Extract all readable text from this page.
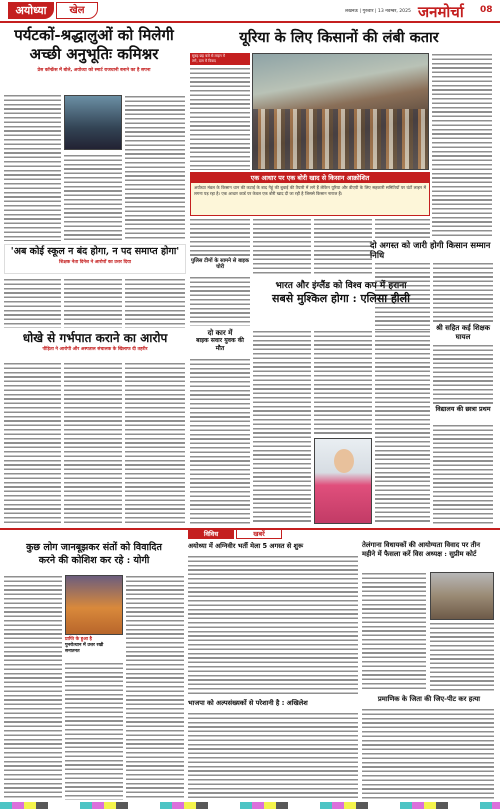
अयोध्या	खेल	लखनऊ | गुरुवार | 13 नवम्बर, 2025 जनमोर्चा 08
पर्यटकों-श्रद्धालुओं को मिलेगी
अच्छी अनुभूतिः कमिश्नर
प्रेस कॉन्फ्रेंस में बोले, अयोध्या को स्मार्ट राजधानी बनाने का है सपना
'अब कोई स्कूल न बंद होगा, न पद समाप्त होगा'
शिक्षक नेता दिनेश ने आरोपों का उत्तर दिया
धोखे से गर्भपात कराने का आरोप
पीड़िता ने आरोपी और अस्पताल संचालक के खिलाफ दी तहरीर
यूरिया के लिए किसानों की लंबी कतार
सुबह छह बजे से लाइन में
लगे, दाम में विवाद
एक आधार पर एक बोरी खाद से किसान आक्रोशित
अयोध्या मंडल के किसान धान की कटाई के बाद गेहूं की बुवाई की तैयारी में लगे हैं लेकिन यूरिया और डीएपी के लिए सहकारी समितियों पर घंटों लाइन में लगना पड़ रहा है। एक आधार कार्ड पर केवल एक बोरी खाद दी जा रही है जिससे किसान नाराज हैं।
पुलिस टीमों के सामने से बाइक चोरी
दो कार में
बाइक सवार युवक की
मौत
दो अगस्त को जारी होगी किसान सम्मान निधि
श्री सहित कई शिक्षक
घायल
विद्यालय की छात्रा प्रथम
भारत और इंग्लैंड को विश्व कप में हराना
सबसे मुश्किल होगा : एलिसा हीली
विविध	खबरें
कुछ लोग जानबूझकर संतों को विवादित
करने की कोशिश कर रहे : योगी
प्राप्ति के हुआ है
पुनरोत्थान में उत्तर रखी
सनातनत
अयोध्या में अग्निवीर भर्ती मेला 5 अगस्त से शुरू
भाजपा को अल्पसंख्यकों से परेशानी है : अखिलेश
तेलंगाना विधायकों की आयोग्यता विवाद पर तीन
महीने में फैसला करें विस अध्यक्ष : सुप्रीम कोर्ट
प्रमाणिक के जिता की जिए-पीट कर हत्या
